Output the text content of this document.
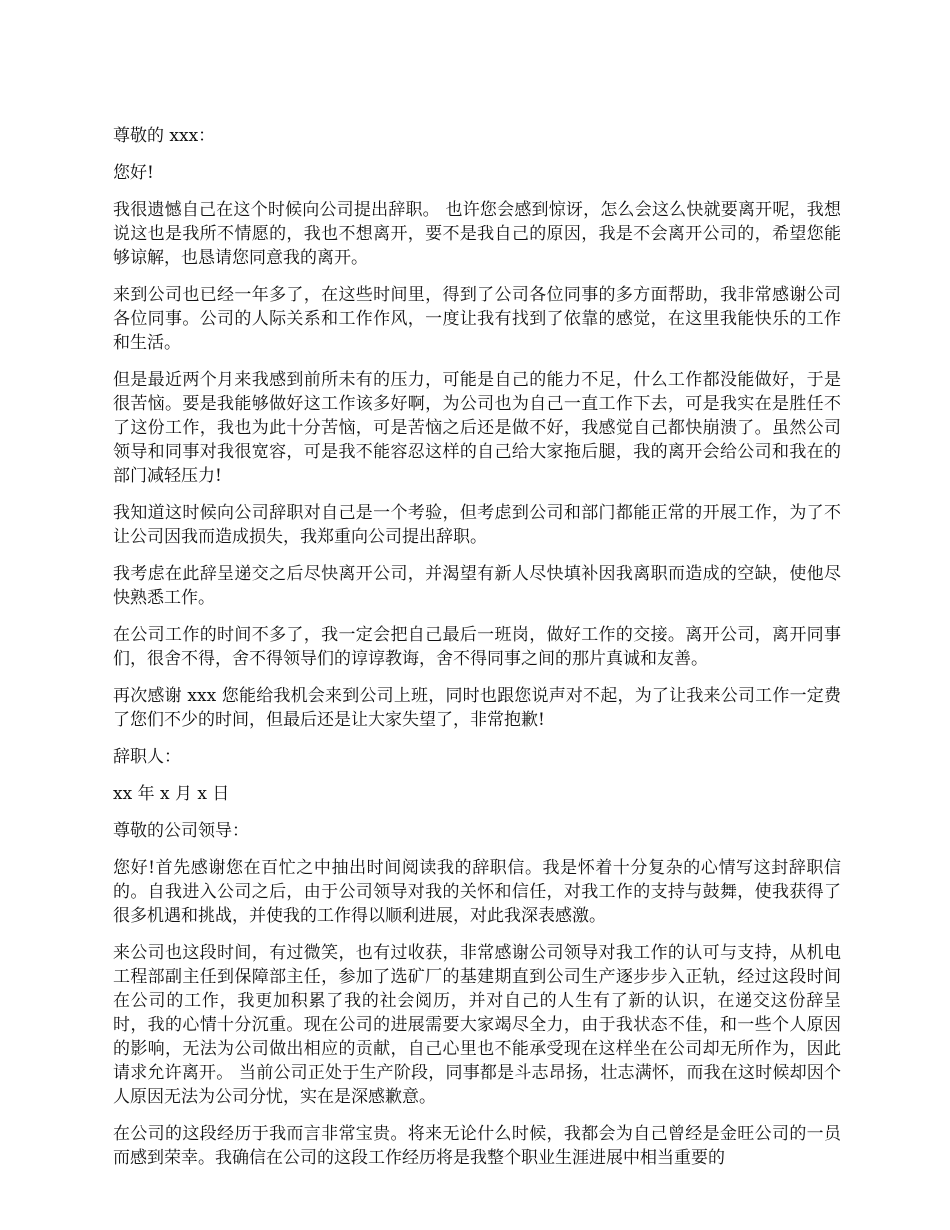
尊敬的 xxx：

您好!

我很遗憾自己在这个时候向公司提出辞职。 也许您会感到惊讶，怎么会这么快就要离开呢，我想说这也是我所不情愿的，我也不想离开，要不是我自己的原因，我是不会离开公司的，希望您能够谅解，也恳请您同意我的离开。

来到公司也已经一年多了，在这些时间里，得到了公司各位同事的多方面帮助，我非常感谢公司各位同事。公司的人际关系和工作作风，一度让我有找到了依靠的感觉，在这里我能快乐的工作和生活。

但是最近两个月来我感到前所未有的压力，可能是自己的能力不足，什么工作都没能做好，于是很苦恼。要是我能够做好这工作该多好啊，为公司也为自己一直工作下去，可是我实在是胜任不了这份工作，我也为此十分苦恼，可是苦恼之后还是做不好，我感觉自己都快崩溃了。虽然公司领导和同事对我很宽容，可是我不能容忍这样的自己给大家拖后腿，我的离开会给公司和我在的部门减轻压力!

我知道这时候向公司辞职对自己是一个考验，但考虑到公司和部门都能正常的开展工作，为了不让公司因我而造成损失，我郑重向公司提出辞职。

我考虑在此辞呈递交之后尽快离开公司，并渴望有新人尽快填补因我离职而造成的空缺，使他尽快熟悉工作。

在公司工作的时间不多了，我一定会把自己最后一班岗，做好工作的交接。离开公司，离开同事们，很舍不得，舍不得领导们的谆谆教诲，舍不得同事之间的那片真诚和友善。

再次感谢 xxx 您能给我机会来到公司上班，同时也跟您说声对不起，为了让我来公司工作一定费了您们不少的时间，但最后还是让大家失望了，非常抱歉!

辞职人：

xx 年 x 月 x 日

尊敬的公司领导：

您好!首先感谢您在百忙之中抽出时间阅读我的辞职信。我是怀着十分复杂的心情写这封辞职信的。自我进入公司之后，由于公司领导对我的关怀和信任，对我工作的支持与鼓舞，使我获得了很多机遇和挑战，并使我的工作得以顺利进展，对此我深表感激。

来公司也这段时间，有过微笑，也有过收获，非常感谢公司领导对我工作的认可与支持，从机电工程部副主任到保障部主任，参加了选矿厂的基建期直到公司生产逐步步入正轨，经过这段时间在公司的工作，我更加积累了我的社会阅历，并对自己的人生有了新的认识，在递交这份辞呈时，我的心情十分沉重。现在公司的进展需要大家竭尽全力，由于我状态不佳，和一些个人原因的影响，无法为公司做出相应的贡献，自己心里也不能承受现在这样坐在公司却无所作为，因此请求允许离开。 当前公司正处于生产阶段，同事都是斗志昂扬，壮志满怀，而我在这时候却因个人原因无法为公司分忧，实在是深感歉意。

在公司的这段经历于我而言非常宝贵。将来无论什么时候，我都会为自己曾经是金旺公司的一员而感到荣幸。我确信在公司的这段工作经历将是我整个职业生涯进展中相当重要的
